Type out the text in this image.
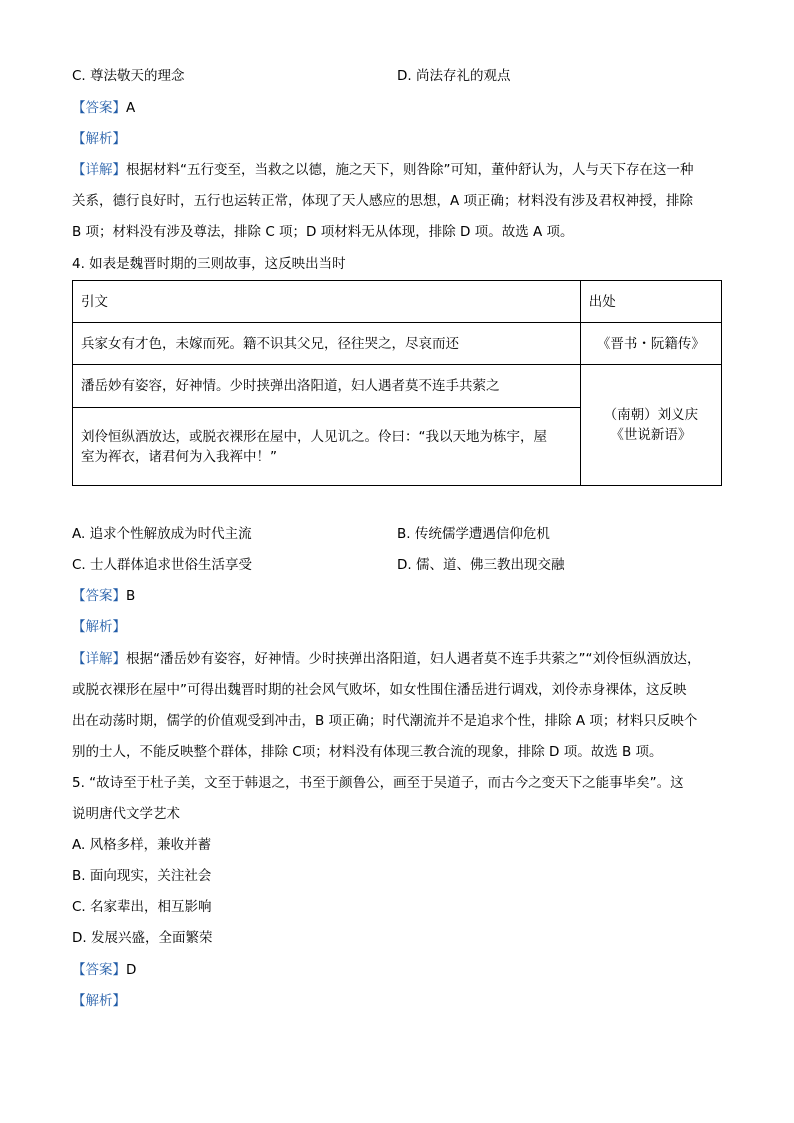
C. 尊法敬天的理念	D. 尚法存礼的观点
【答案】A
【解析】
【详解】根据材料“五行变至，当救之以德，施之天下，则咎除”可知，董仲舒认为，人与天下存在这一种
关系，德行良好时，五行也运转正常，体现了天人感应的思想，A 项正确；材料没有涉及君权神授，排除
B 项；材料没有涉及尊法，排除 C 项；D 项材料无从体现，排除 D 项。故选 A 项。
4. 如表是魏晋时期的三则故事，这反映出当时
引文	出处
兵家女有才色，未嫁而死。籍不识其父兄，径往哭之，尽哀而还	《晋书・阮籍传》
潘岳妙有姿容，好神情。少时挟弹出洛阳道，妇人遇者莫不连手共萦之	（南朝）刘义庆
《世说新语》

刘伶恒纵酒放达，或脱衣裸形在屋中，人见讥之。伶曰：“我以天地为栋宇，屋
室为裈衣，诸君何为入我裈中！”	
A. 追求个性解放成为时代主流	B. 传统儒学遭遇信仰危机
C. 士人群体追求世俗生活享受	D. 儒、道、佛三教出现交融
【答案】B
【解析】
【详解】根据“潘岳妙有姿容，好神情。少时挟弹出洛阳道，妇人遇者莫不连手共萦之”“刘伶恒纵酒放达，
或脱衣裸形在屋中”可得出魏晋时期的社会风气败坏，如女性围住潘岳进行调戏，刘伶赤身裸体，这反映
出在动荡时期，儒学的价值观受到冲击，B 项正确；时代潮流并不是追求个性，排除 A 项；材料只反映个
别的士人，不能反映整个群体，排除 C项；材料没有体现三教合流的现象，排除 D 项。故选 B 项。
5. “故诗至于杜子美，文至于韩退之，书至于颜鲁公，画至于吴道子，而古今之变天下之能事毕矣”。这
说明唐代文学艺术
A. 风格多样，兼收并蓄
B. 面向现实，关注社会
C. 名家辈出，相互影响
D. 发展兴盛，全面繁荣
【答案】D
【解析】
